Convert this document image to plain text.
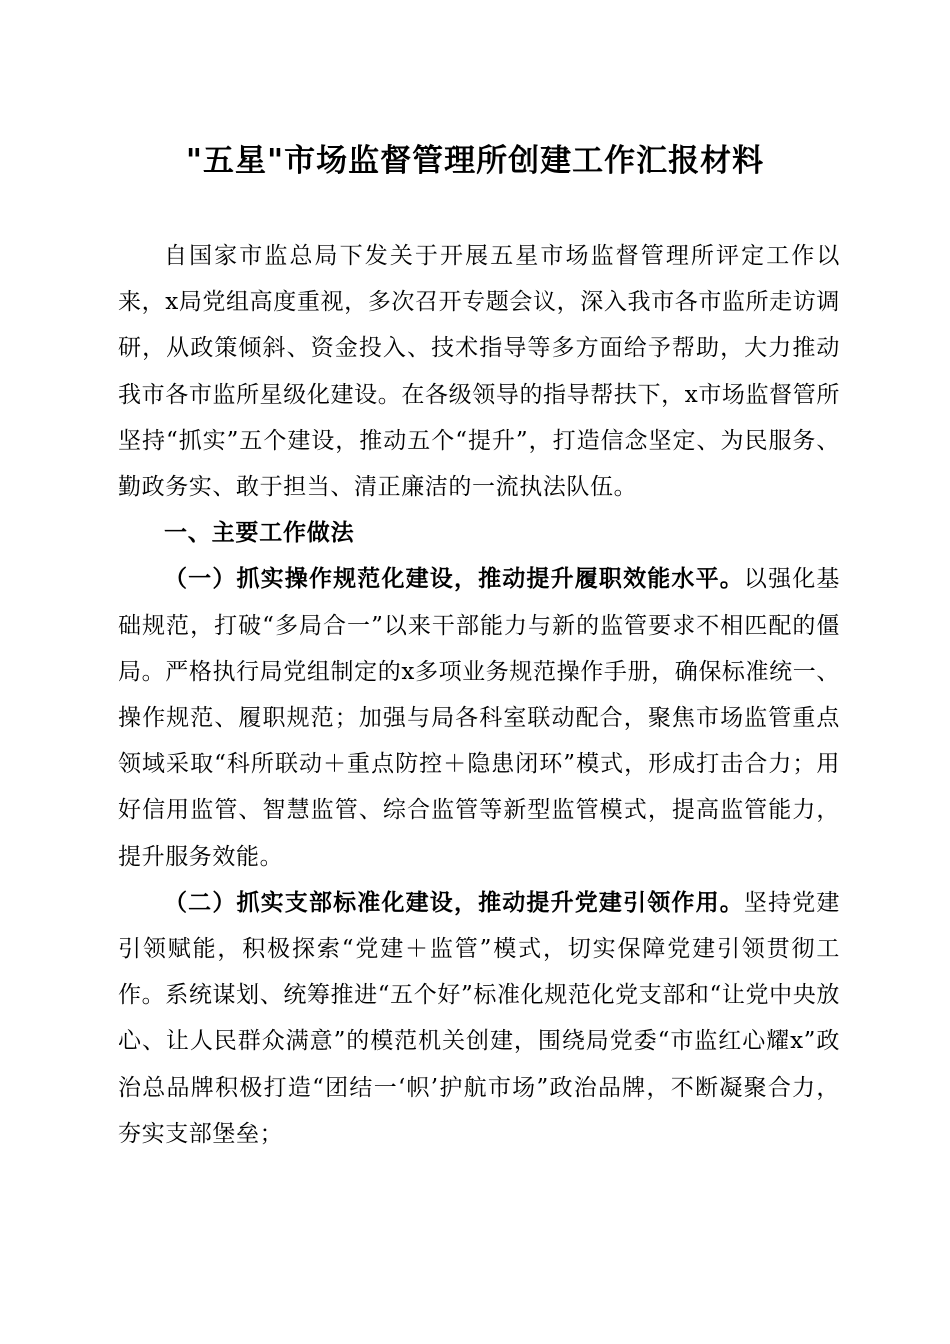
"五星"市场监督管理所创建工作汇报材料

自国家市监总局下发关于开展五星市场监督管理所评定工作以来，x局党组高度重视，多次召开专题会议，深入我市各市监所走访调研，从政策倾斜、资金投入、技术指导等多方面给予帮助，大力推动我市各市监所星级化建设。在各级领导的指导帮扶下，x市场监督管所坚持“抓实”五个建设，推动五个“提升”，打造信念坚定、为民服务、勤政务实、敢于担当、清正廉洁的一流执法队伍。

一、主要工作做法

（一）抓实操作规范化建设，推动提升履职效能水平。以强化基础规范，打破“多局合一”以来干部能力与新的监管要求不相匹配的僵局。严格执行局党组制定的x多项业务规范操作手册，确保标准统一、操作规范、履职规范；加强与局各科室联动配合，聚焦市场监管重点领域采取“科所联动＋重点防控＋隐患闭环”模式，形成打击合力；用好信用监管、智慧监管、综合监管等新型监管模式，提高监管能力，提升服务效能。

（二）抓实支部标准化建设，推动提升党建引领作用。坚持党建引领赋能，积极探索“党建＋监管”模式，切实保障党建引领贯彻工作。系统谋划、统筹推进“五个好”标准化规范化党支部和“让党中央放心、让人民群众满意”的模范机关创建，围绕局党委“市监红心耀x”政治总品牌积极打造“团结一‘帜’护航市场”政治品牌，不断凝聚合力，夯实支部堡垒；
